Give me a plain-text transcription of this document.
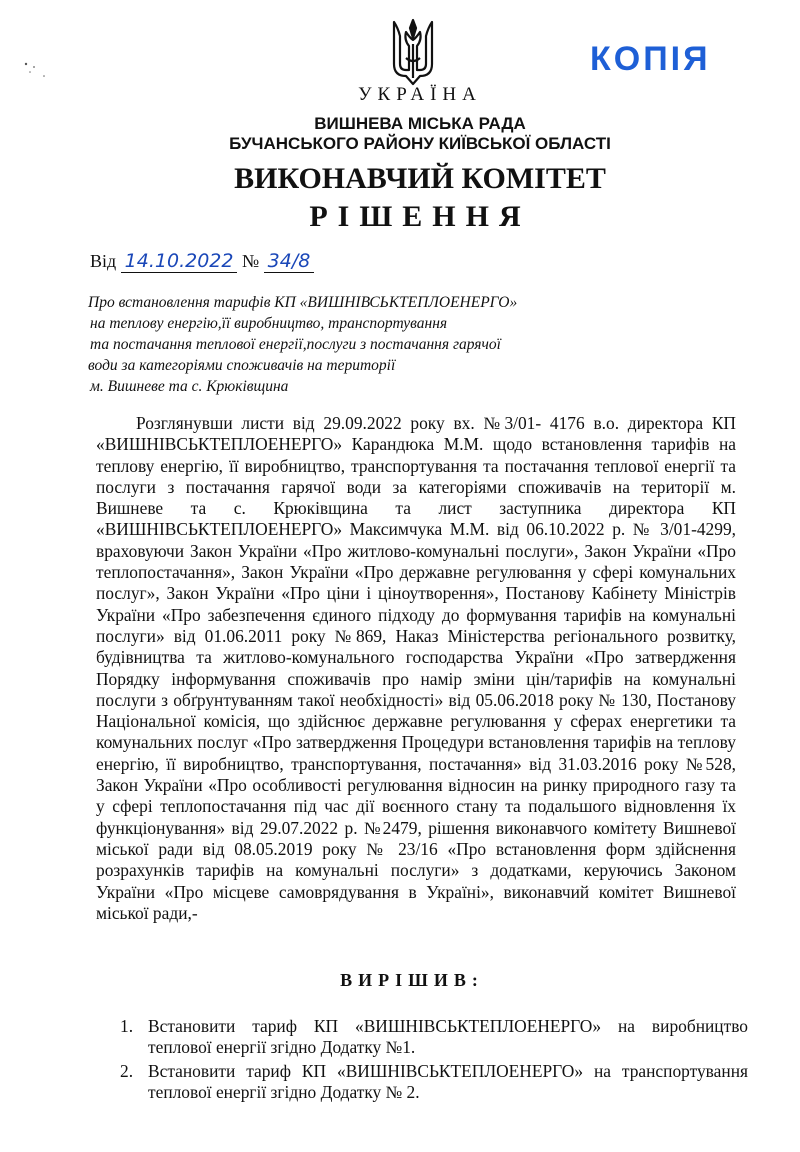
КОПІЯ
УКРАЇНА
ВИШНЕВА МІСЬКА РАДА
БУЧАНСЬКОГО РАЙОНУ КИЇВСЬКОЇ ОБЛАСТІ
ВИКОНАВЧИЙ КОМІТЕТ
РІШЕННЯ
Від 14.10.2022 № 34/8
Про встановлення тарифів КП «ВИШНІВСЬКТЕПЛОЕНЕРГО»
на теплову енергію,її виробництво, транспортування
та постачання теплової енергії,послуги з постачання гарячої
води за категоріями споживачів на території
м. Вишневе та с. Крюківщина
Розглянувши листи від 29.09.2022 року вх. №3/01- 4176 в.о. директора КП «ВИШНІВСЬКТЕПЛОЕНЕРГО» Карандюка М.М. щодо встановлення тарифів на теплову енергію, її виробництво, транспортування та постачання теплової енергії та послуги з постачання гарячої води за категоріями споживачів на території м. Вишневе та с. Крюківщина та лист заступника директора КП «ВИШНІВСЬКТЕПЛОЕНЕРГО» Максимчука М.М. від 06.10.2022 р. № 3/01-4299, враховуючи Закон України «Про житлово-комунальні послуги», Закон України «Про теплопостачання», Закон України «Про державне регулювання у сфері комунальних послуг», Закон України «Про ціни і ціноутворення», Постанову Кабінету Міністрів України «Про забезпечення єдиного підходу до формування тарифів на комунальні послуги» від 01.06.2011 року №869, Наказ Міністерства регіонального розвитку, будівництва та житлово-комунального господарства України «Про затвердження Порядку інформування споживачів про намір зміни цін/тарифів на комунальні послуги з обґрунтуванням такої необхідності» від 05.06.2018 року № 130, Постанову Національної комісія, що здійснює державне регулювання у сферах енергетики та комунальних послуг «Про затвердження Процедури встановлення тарифів на теплову енергію, її виробництво, транспортування, постачання» від 31.03.2016 року №528, Закон України «Про особливості регулювання відносин на ринку природного газу та у сфері теплопостачання під час дії воєнного стану та подальшого відновлення їх функціонування» від 29.07.2022 р. №2479, рішення виконавчого комітету Вишневої міської ради від 08.05.2019 року № 23/16 «Про встановлення форм здійснення розрахунків тарифів на комунальні послуги» з додатками, керуючись Законом України «Про місцеве самоврядування в Україні», виконавчий комітет Вишневої міської ради,-
ВИРІШИВ:
1. Встановити тариф КП «ВИШНІВСЬКТЕПЛОЕНЕРГО» на виробництво теплової енергії згідно Додатку №1.
2. Встановити тариф КП «ВИШНІВСЬКТЕПЛОЕНЕРГО» на транспортування теплової енергії згідно Додатку № 2.
